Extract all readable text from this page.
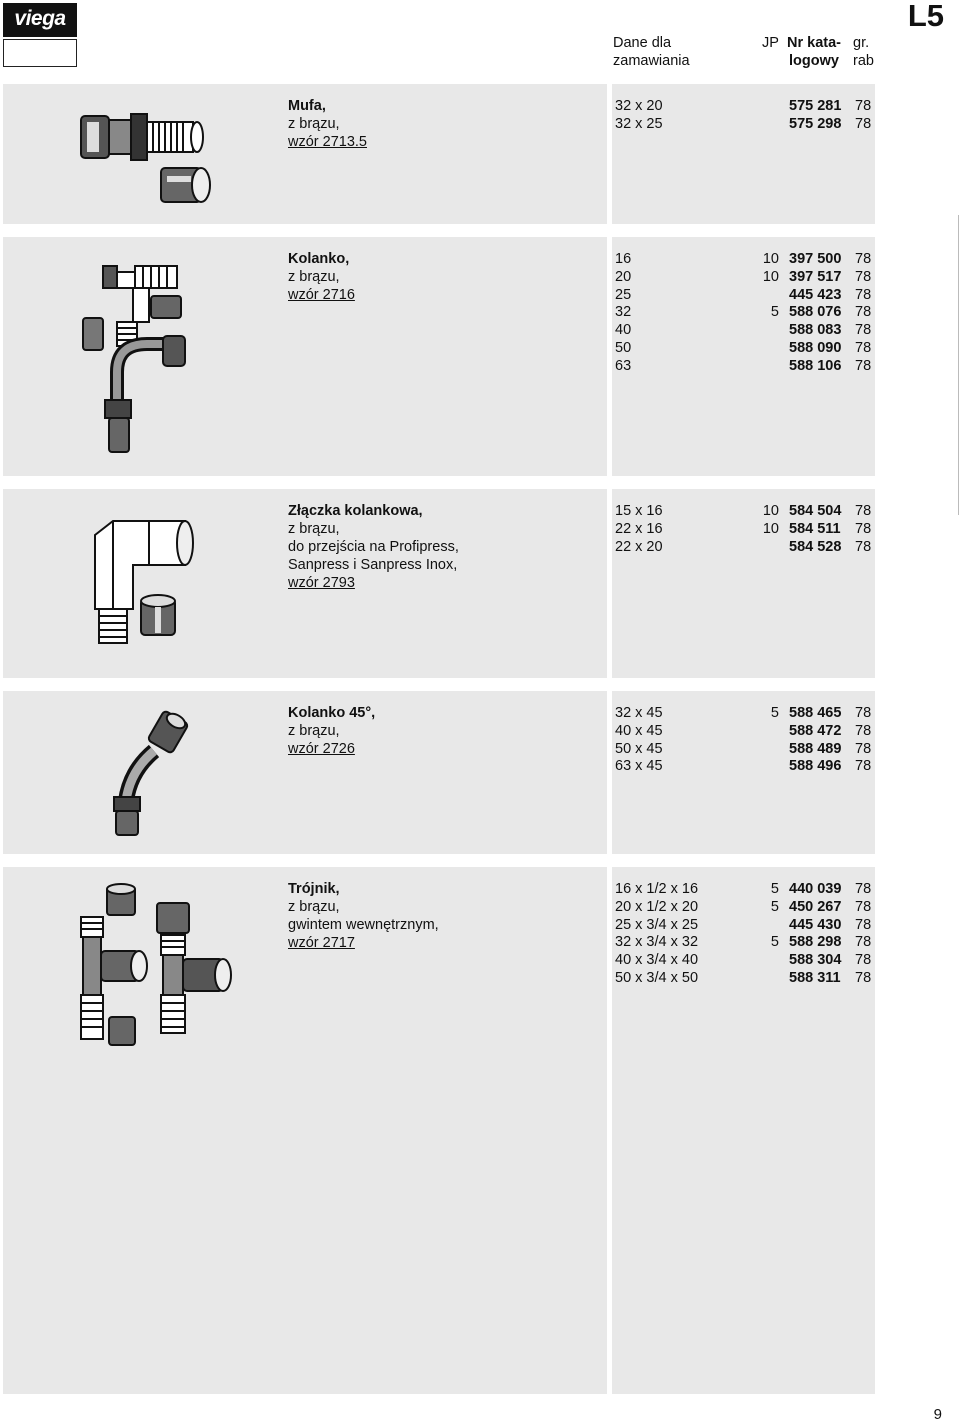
viega	L5
Dane dla
zamawiania
JP Nr kata-
logowy
gr.
rab
Mufa,
z brązu,
wzór 2713.5
32 x 20	575 281 78
32 x 25	575 298 78
Kolanko,
z brązu,
wzór 2716
16	10 397 500 78
20	10 397 517 78
25	445 423 78
32	5 588 076 78
40	588 083 78
50	588 090 78
63	588 106 78
Złączka kolankowa,
z brązu,
do przejścia na Profipress,
Sanpress i Sanpress Inox,
wzór 2793
15 x 16	10 584 504 78
22 x 16	10 584 511 78
22 x 20	584 528 78
Kolanko 45°,
z brązu,
wzór 2726
32 x 45	5 588 465 78
40 x 45	588 472 78
50 x 45	588 489 78
63 x 45	588 496 78
Trójnik,
z brązu,
gwintem wewnętrznym,
wzór 2717
16 x 1/2 x 16	5 440 039 78
20 x 1/2 x 20	5 450 267 78
25 x 3/4 x 25	445 430 78
32 x 3/4 x 32	5 588 298 78
40 x 3/4 x 40	588 304 78
50 x 3/4 x 50	588 311 78
9
